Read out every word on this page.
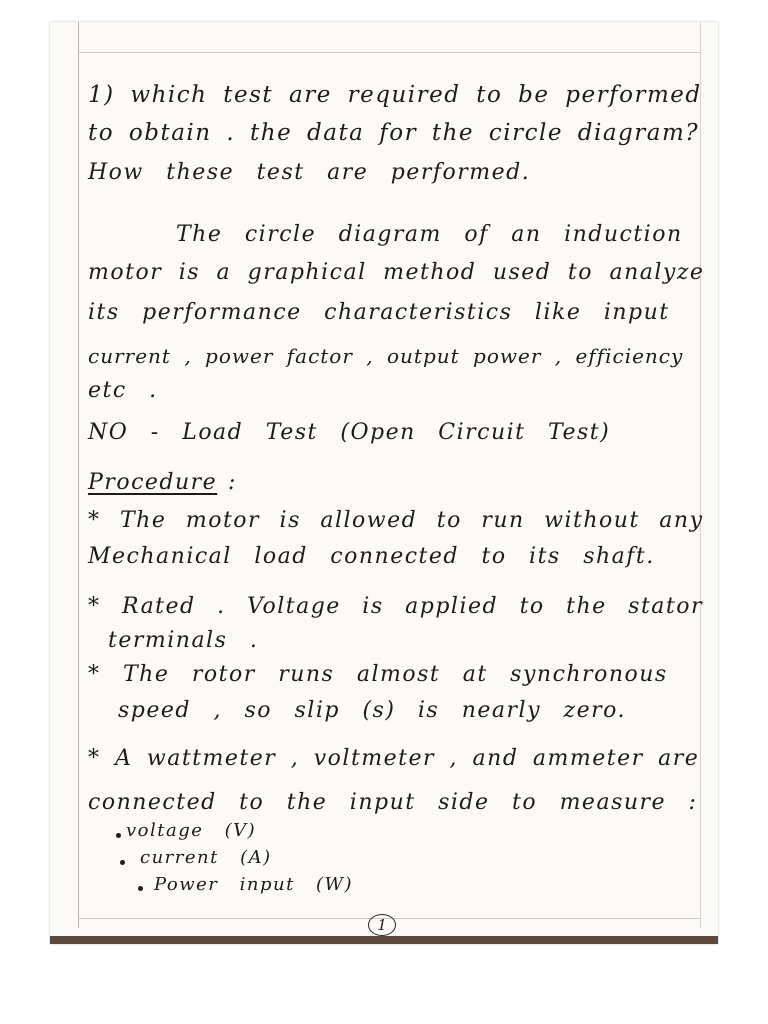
1) which test are required to be performed
to obtain . the data for the circle diagram?
How these test are performed.
The circle diagram of an induction
motor is a graphical method used to analyze
its performance characteristics like input
current , power factor , output power , efficiency
etc .
NO - Load Test (Open Circuit Test)
Procedure :
* The motor is allowed to run without any
Mechanical load connected to its shaft.
* Rated . Voltage is applied to the stator
terminals .
* The rotor runs almost at synchronous
speed , so slip (s) is nearly zero.
* A wattmeter , voltmeter , and ammeter are
connected to the input side to measure :
voltage (V)
current (A)
Power input (W)
1
